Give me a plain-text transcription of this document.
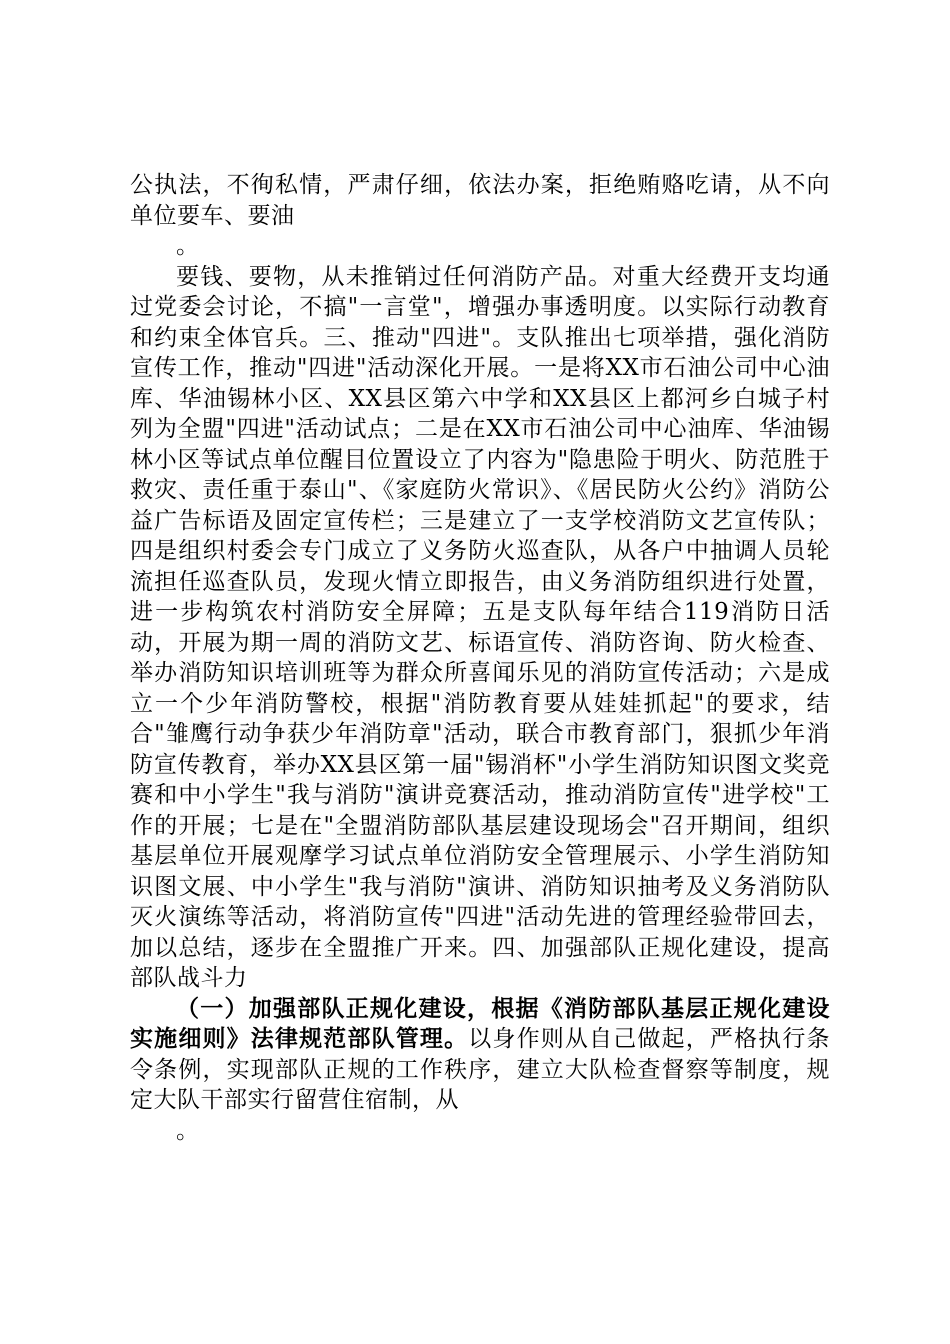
公执法，不徇私情，严肃仔细，依法办案，拒绝贿赂吃请，从不向单位要车、要油

。

要钱、要物，从未推销过任何消防产品。对重大经费开支均通过党委会讨论，不搞"一言堂"，增强办事透明度。以实际行动教育和约束全体官兵。三、推动"四进"。支队推出七项举措，强化消防宣传工作，推动"四进"活动深化开展。一是将XX市石油公司中心油库、华油锡林小区、XX县区第六中学和XX县区上都河乡白城子村列为全盟"四进"活动试点；二是在XX市石油公司中心油库、华油锡林小区等试点单位醒目位置设立了内容为"隐患险于明火、防范胜于救灾、责任重于泰山"、《家庭防火常识》、《居民防火公约》消防公益广告标语及固定宣传栏；三是建立了一支学校消防文艺宣传队；四是组织村委会专门成立了义务防火巡查队，从各户中抽调人员轮流担任巡查队员，发现火情立即报告，由义务消防组织进行处置，进一步构筑农村消防安全屏障；五是支队每年结合119消防日活动，开展为期一周的消防文艺、标语宣传、消防咨询、防火检查、举办消防知识培训班等为群众所喜闻乐见的消防宣传活动；六是成立一个少年消防警校，根据"消防教育要从娃娃抓起"的要求，结合"雏鹰行动争获少年消防章"活动，联合市教育部门，狠抓少年消防宣传教育，举办XX县区第一届"锡消杯"小学生消防知识图文奖竞赛和中小学生"我与消防"演讲竞赛活动，推动消防宣传"进学校"工作的开展；七是在"全盟消防部队基层建设现场会"召开期间，组织基层单位开展观摩学习试点单位消防安全管理展示、小学生消防知识图文展、中小学生"我与消防"演讲、消防知识抽考及义务消防队灭火演练等活动，将消防宣传"四进"活动先进的管理经验带回去，加以总结，逐步在全盟推广开来。四、加强部队正规化建设，提高部队战斗力

（一）加强部队正规化建设，根据《消防部队基层正规化建设实施细则》法律规范部队管理。以身作则从自己做起，严格执行条令条例，实现部队正规的工作秩序，建立大队检查督察等制度，规定大队干部实行留营住宿制，从

。
